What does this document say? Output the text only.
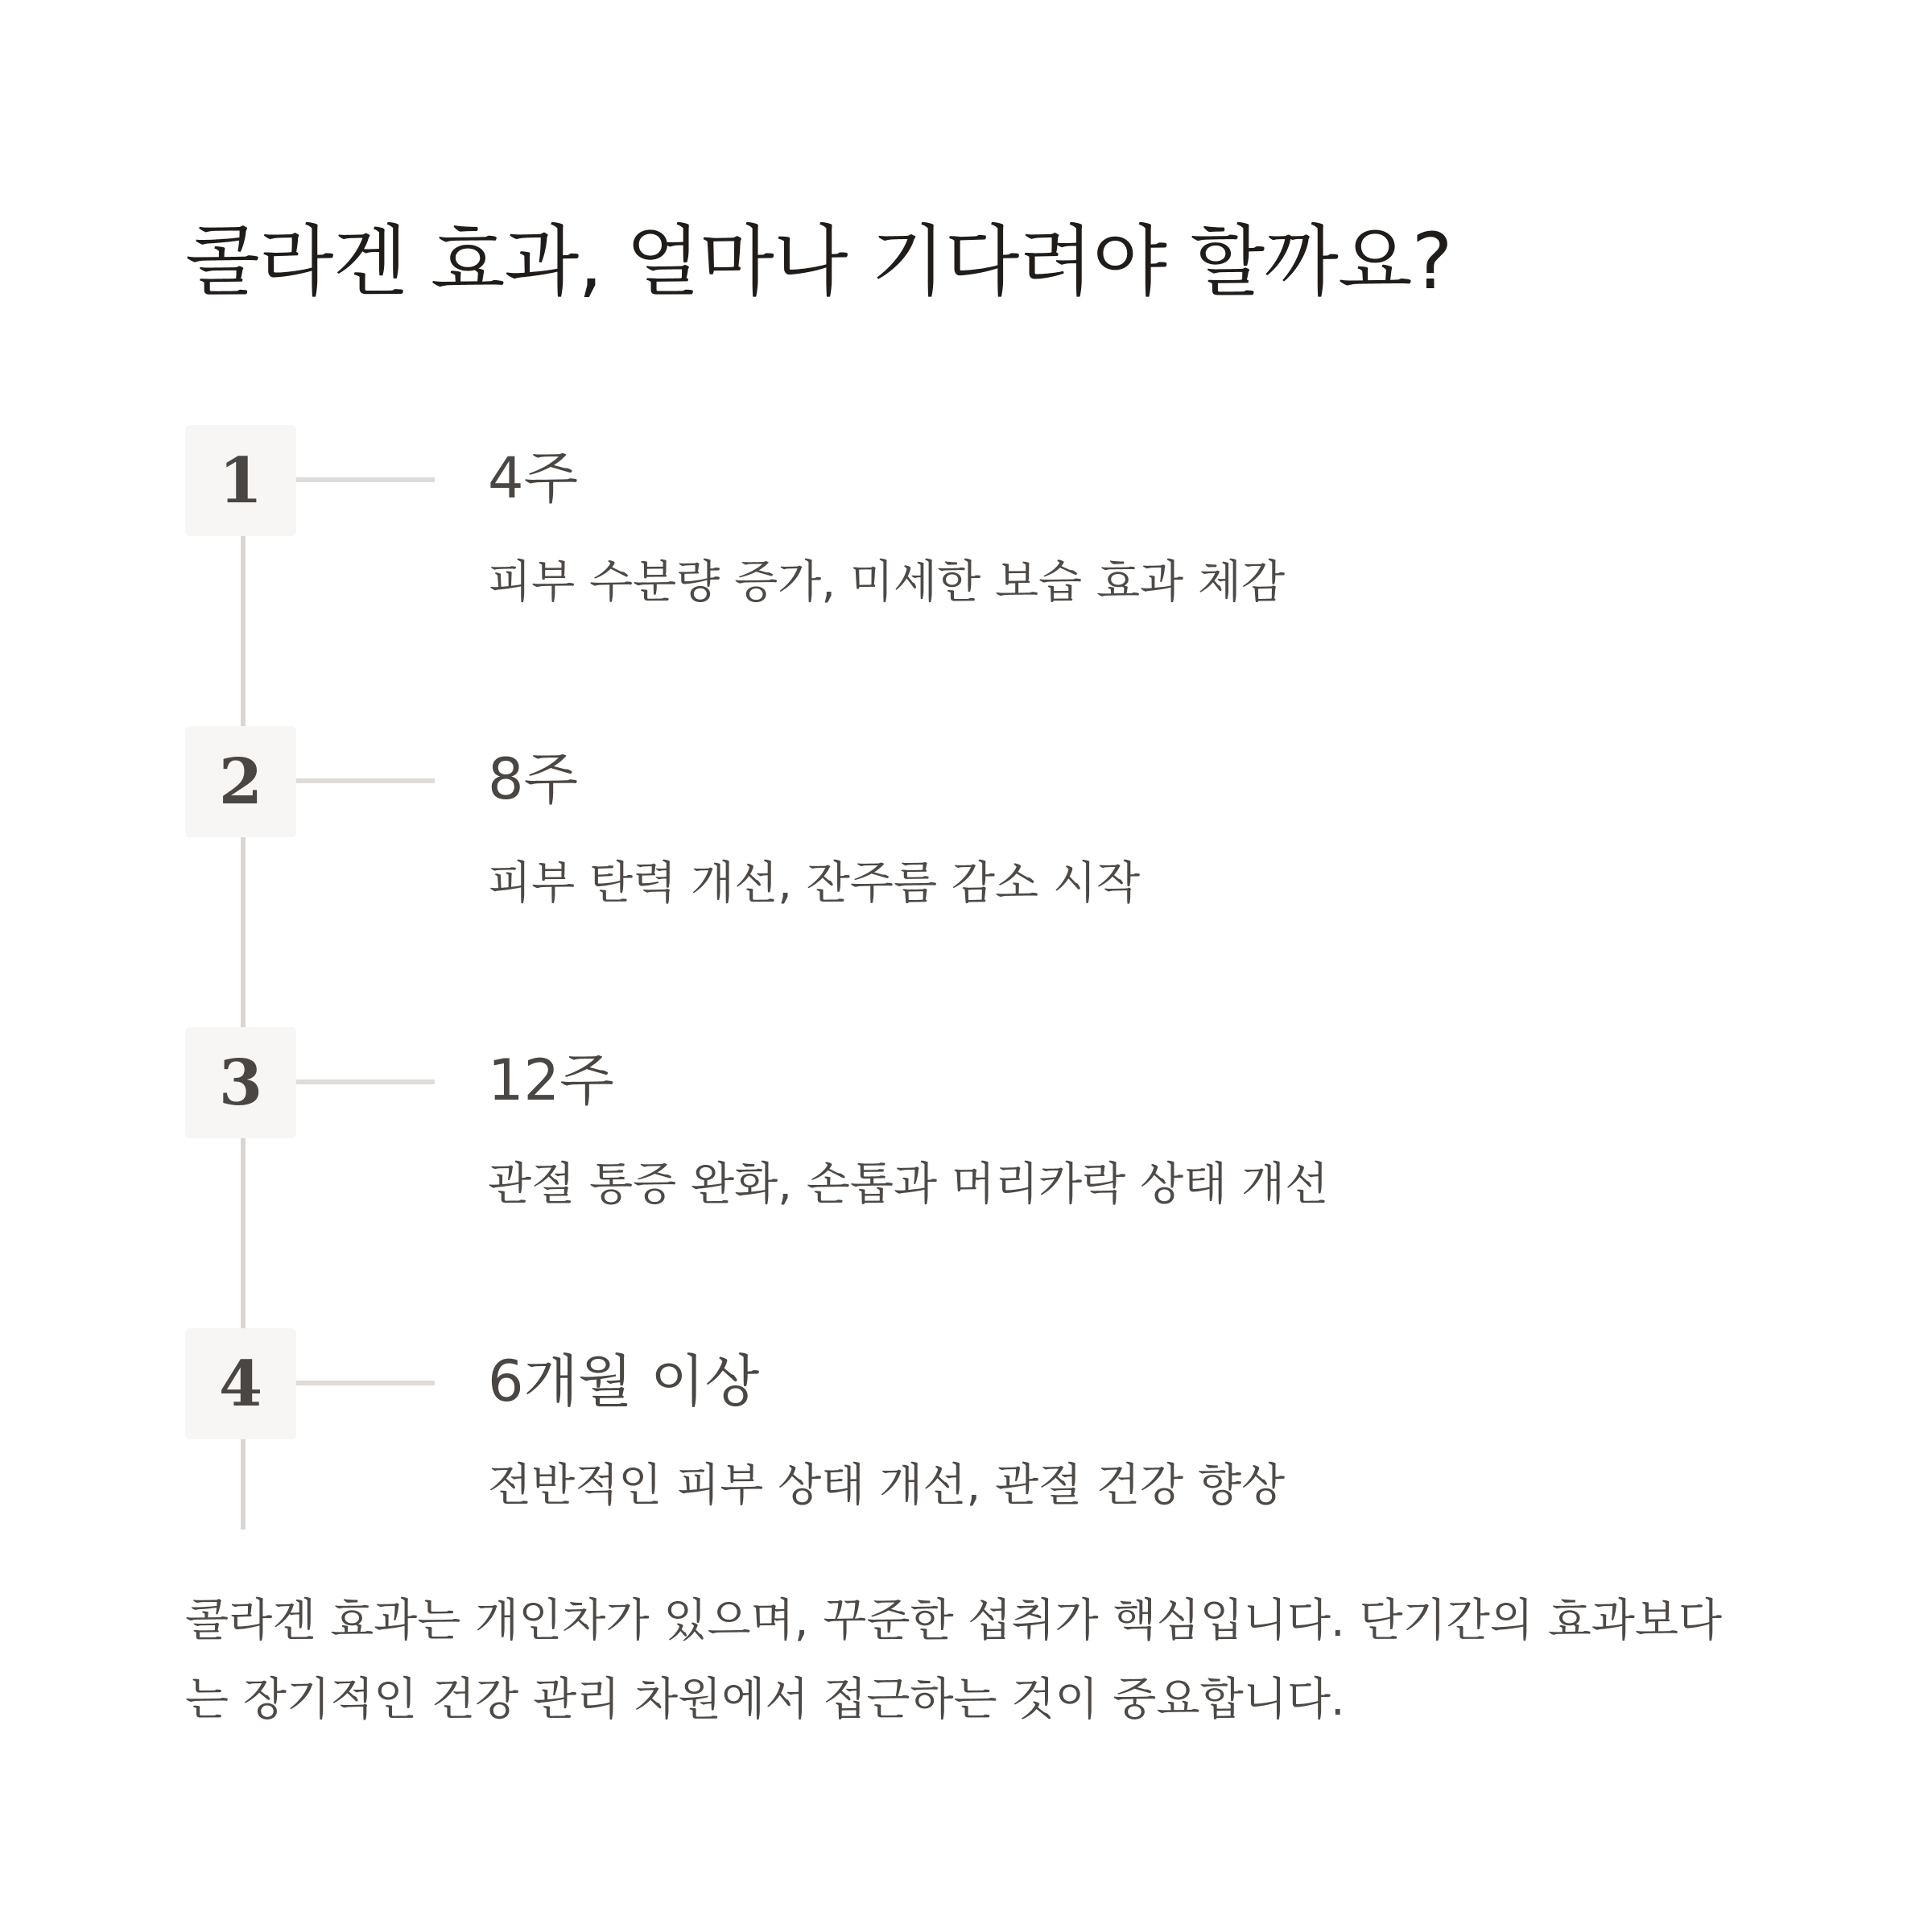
콜라겐 효과, 얼마나 기다려야 할까요?
1	4주

피부 수분량 증가, 미세한 보습 효과 체감

2	8주

피부 탄력 개선, 잔주름 감소 시작

3	12주

관절 통증 완화, 손톱과 머리카락 상태 개선

4	6개월 이상

전반적인 피부 상태 개선, 관절 건강 향상

콜라겐 효과는 개인차가 있으며, 꾸준한 섭취가 핵심입니다. 단기간의 효과보다
는 장기적인 건강 관리 차원에서 접근하는 것이 중요합니다.
